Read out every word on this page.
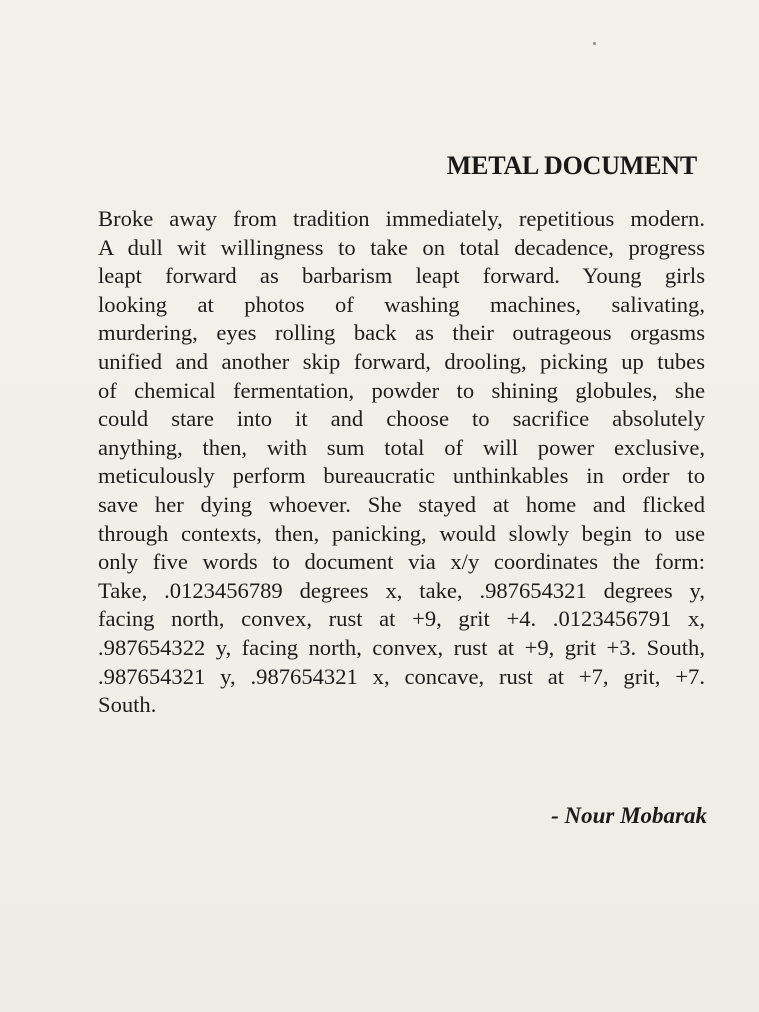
METAL DOCUMENT

Broke away from tradition immediately, repetitious modern.
A dull wit willingness to take on total decadence, progress
leapt forward as barbarism leapt forward. Young girls
looking at photos of washing machines, salivating,
murdering, eyes rolling back as their outrageous orgasms
unified and another skip forward, drooling, picking up tubes
of chemical fermentation, powder to shining globules, she
could stare into it and choose to sacrifice absolutely
anything, then, with sum total of will power exclusive,
meticulously perform bureaucratic unthinkables in order to
save her dying whoever. She stayed at home and flicked
through contexts, then, panicking, would slowly begin to use
only five words to document via x/y coordinates the form:
Take, .0123456789 degrees x, take, .987654321 degrees y,
facing north, convex, rust at +9, grit +4. .0123456791 x,
.987654322 y, facing north, convex, rust at +9, grit +3. South,
.987654321 y, .987654321 x, concave, rust at +7, grit, +7.
South.

- Nour Mobarak
